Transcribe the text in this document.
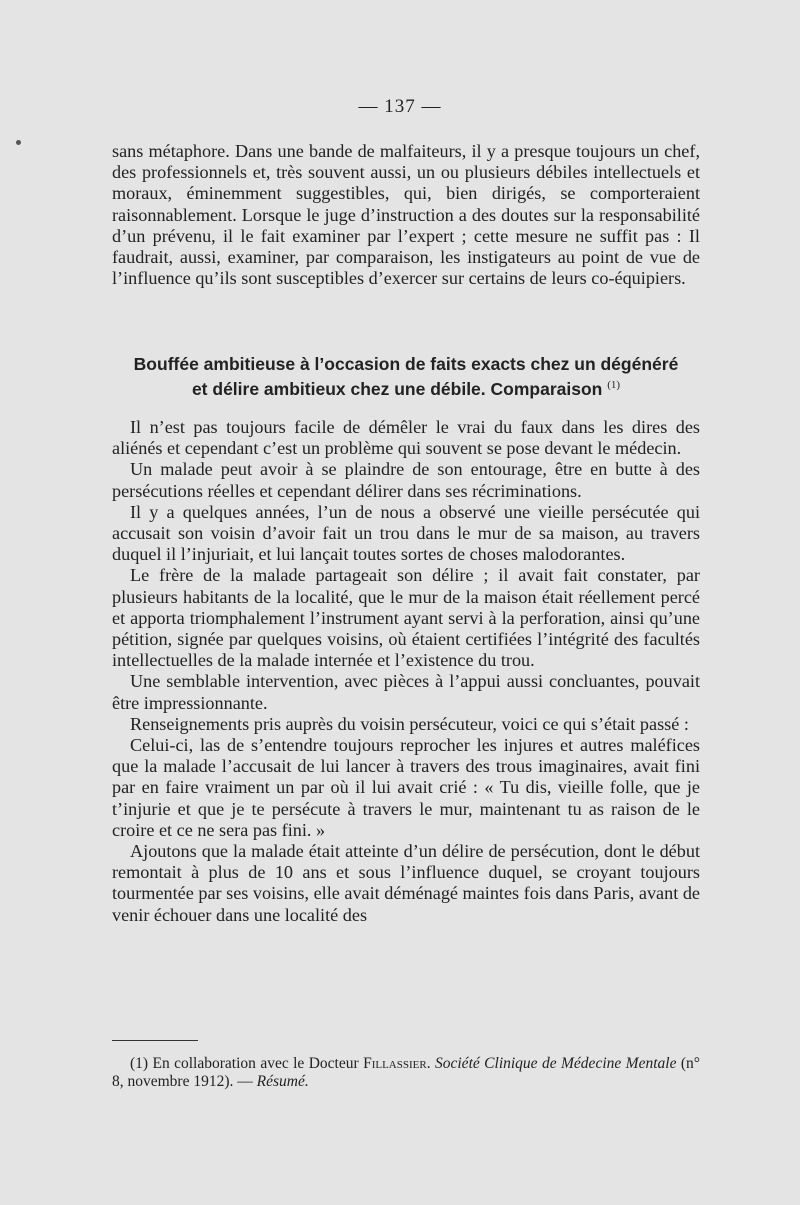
— 137 —

sans métaphore. Dans une bande de malfaiteurs, il y a presque toujours un chef, des professionnels et, très souvent aussi, un ou plusieurs débiles intellectuels et moraux, éminemment suggestibles, qui, bien dirigés, se comporteraient raisonnablement. Lorsque le juge d’instruction a des doutes sur la responsabilité d’un prévenu, il le fait examiner par l’expert ; cette mesure ne suffit pas : Il faudrait, aussi, examiner, par comparaison, les instigateurs au point de vue de l’influence qu’ils sont susceptibles d’exercer sur certains de leurs co-équipiers.

Bouffée ambitieuse à l’occasion de faits exacts chez un dégénéré
et délire ambitieux chez une débile. Comparaison $^{(1)}$

Il n’est pas toujours facile de démêler le vrai du faux dans les dires des aliénés et cependant c’est un problème qui souvent se pose devant le médecin.

Un malade peut avoir à se plaindre de son entourage, être en butte à des persécutions réelles et cependant délirer dans ses récriminations.

Il y a quelques années, l’un de nous a observé une vieille persécutée qui accusait son voisin d’avoir fait un trou dans le mur de sa maison, au travers duquel il l’injuriait, et lui lançait toutes sortes de choses malodorantes.

Le frère de la malade partageait son délire ; il avait fait constater, par plusieurs habitants de la localité, que le mur de la maison était réellement percé et apporta triomphalement l’instrument ayant servi à la perforation, ainsi qu’une pétition, signée par quelques voisins, où étaient certifiées l’intégrité des facultés intellectuelles de la malade internée et l’existence du trou.

Une semblable intervention, avec pièces à l’appui aussi concluantes, pouvait être impressionnante.

Renseignements pris auprès du voisin persécuteur, voici ce qui s’était passé :

Celui-ci, las de s’entendre toujours reprocher les injures et autres maléfices que la malade l’accusait de lui lancer à travers des trous imaginaires, avait fini par en faire vraiment un par où il lui avait crié : « Tu dis, vieille folle, que je t’injurie et que je te persécute à travers le mur, maintenant tu as raison de le croire et ce ne sera pas fini. »

Ajoutons que la malade était atteinte d’un délire de persécution, dont le début remontait à plus de 10 ans et sous l’influence duquel, se croyant toujours tourmentée par ses voisins, elle avait déménagé maintes fois dans Paris, avant de venir échouer dans une localité des

(1) En collaboration avec le Docteur Fillassier. Société Clinique de Médecine Mentale (n° 8, novembre 1912). — Résumé.
